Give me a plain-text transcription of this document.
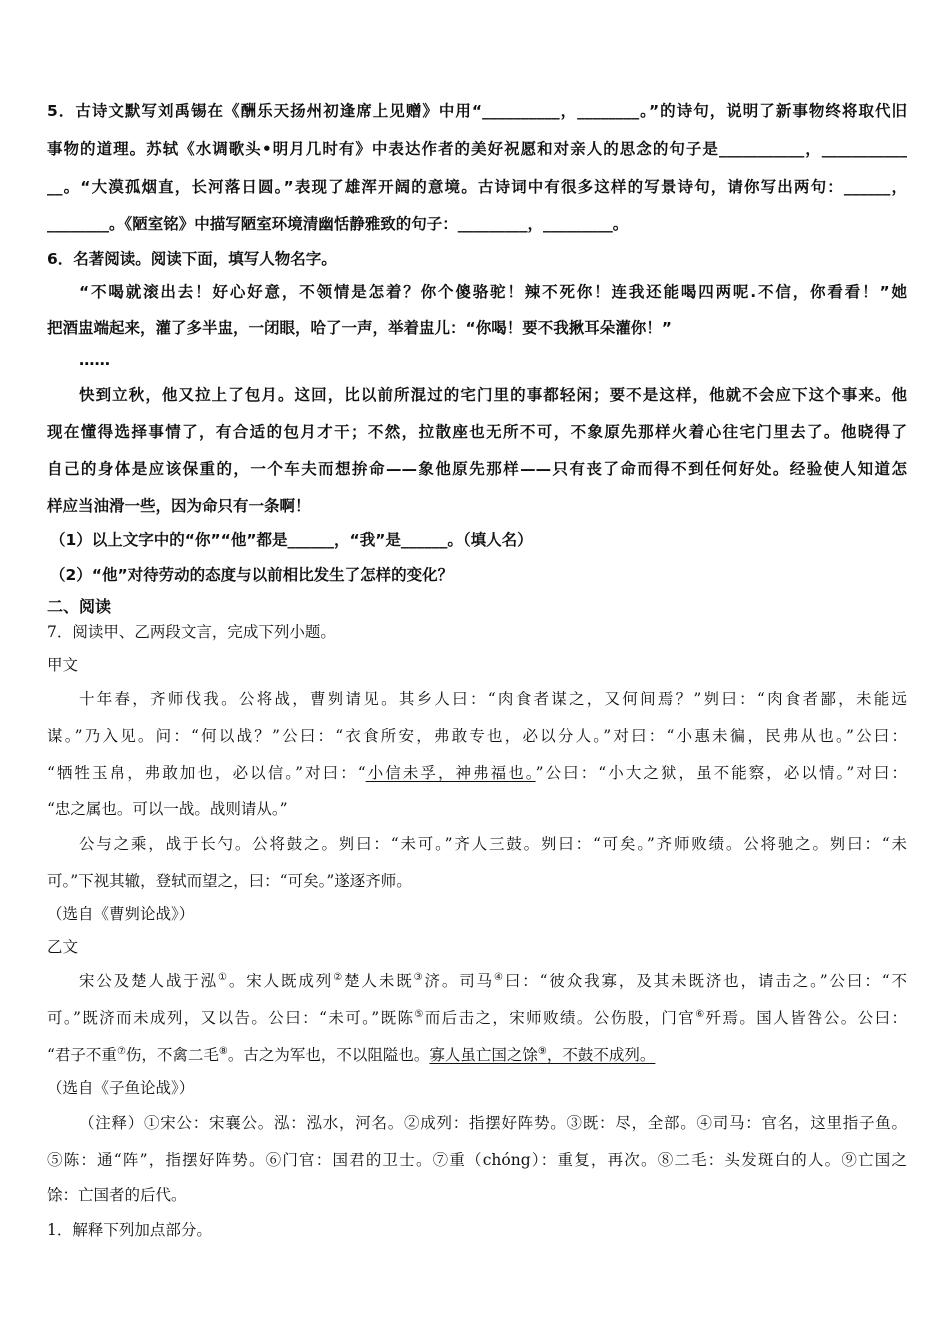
5．古诗文默写刘禹锡在《酬乐天扬州初逢席上见赠》中用“__________，________。”的诗句，说明了新事物终将取代旧
事物的道理。苏轼《水调歌头•明月几时有》中表达作者的美好祝愿和对亲人的思念的句子是___________，___________
__。“大漠孤烟直，长河落日圆。”表现了雄浑开阔的意境。古诗词中有很多这样的写景诗句，请你写出两句：______，
________。《陋室铭》中描写陋室环境清幽恬静雅致的句子：_________，_________。
6．名著阅读。阅读下面，填写人物名字。
“不喝就滚出去！好心好意，不领情是怎着？你个傻骆驼！辣不死你！连我还能喝四两呢.不信，你看看！”她
把酒盅端起来，灌了多半盅，一闭眼，哈了一声，举着盅儿：“你喝！要不我揪耳朵灌你！”
……
快到立秋，他又拉上了包月。这回，比以前所混过的宅门里的事都轻闲；要不是这样，他就不会应下这个事来。他
现在懂得选择事情了，有合适的包月才干；不然，拉散座也无所不可，不象原先那样火着心往宅门里去了。他晓得了
自己的身体是应该保重的，一个车夫而想拚命——象他原先那样——只有丧了命而得不到任何好处。经验使人知道怎
样应当油滑一些，因为命只有一条啊！
（1）以上文字中的“你”“他”都是______，“我”是______。（填人名）
（2）“他”对待劳动的态度与以前相比发生了怎样的变化？
二、阅读
7．阅读甲、乙两段文言，完成下列小题。
甲文
十年春，齐师伐我。公将战，曹刿请见。其乡人曰：“肉食者谋之，又何间焉？”刿曰：“肉食者鄙，未能远
谋。”乃入见。问：“何以战？”公曰：“衣食所安，弗敢专也，必以分人。”对曰：“小惠未徧，民弗从也。”公曰：
“牺牲玉帛，弗敢加也，必以信。”对曰：“小信未孚，神弗福也。”公曰：“小大之狱，虽不能察，必以情。”对曰：
“忠之属也。可以一战。战则请从。”
公与之乘，战于长勺。公将鼓之。刿曰：“未可。”齐人三鼓。刿曰：“可矣。”齐师败绩。公将驰之。刿曰：“未
可。”下视其辙，登轼而望之，曰：“可矣。”遂逐齐师。
（选自《曹刿论战》）
乙文
宋公及楚人战于泓①。宋人既成列②楚人未既③济。司马④曰：“彼众我寡，及其未既济也，请击之。”公曰：“不
可。”既济而未成列，又以告。公曰：“未可。”既陈⑤而后击之，宋师败绩。公伤股，门官⑥歼焉。国人皆咎公。公曰：
“君子不重⑦伤，不禽二毛⑧。古之为军也，不以阻隘也。寡人虽亡国之馀⑨，不鼓不成列。
（选自《子鱼论战》）
（注释）①宋公：宋襄公。泓：泓水，河名。②成列：指摆好阵势。③既：尽，全部。④司马：官名，这里指子鱼。
⑤陈：通“阵”，指摆好阵势。⑥门官：国君的卫士。⑦重（chóng）：重复，再次。⑧二毛：头发斑白的人。⑨亡国之
馀：亡国者的后代。
1．解释下列加点部分。
